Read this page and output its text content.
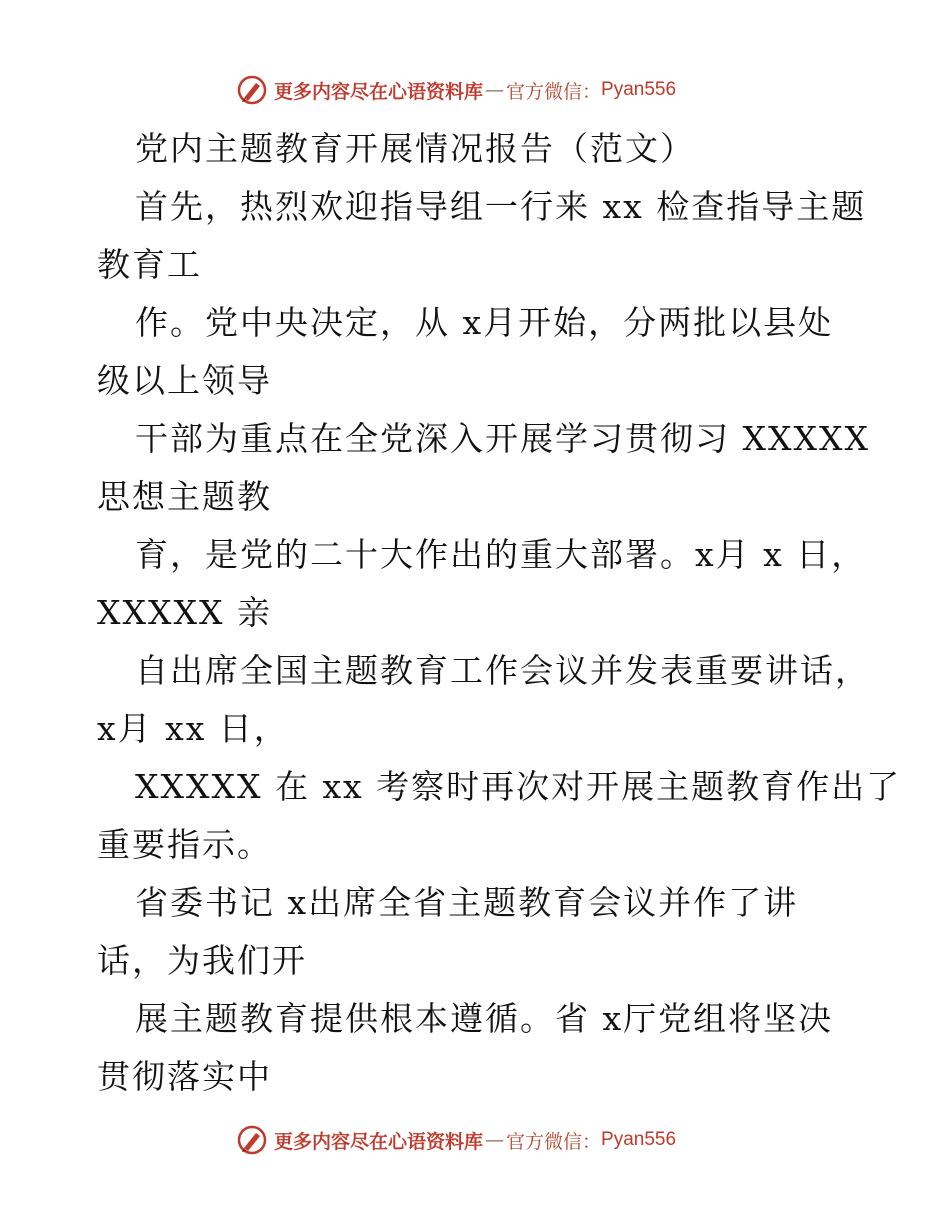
更多内容尽在心语资料库 — 官方微信： Pyan556
党内主题教育开展情况报告（范文）
首先，热烈欢迎指导组一行来 xx 检查指导主题
教育工
作。党中央决定，从 x月开始，分两批以县处
级以上领导
干部为重点在全党深入开展学习贯彻习 XXXXX
思想主题教
育，是党的二十大作出的重大部署。x月 x 日，
XXXXX 亲
自出席全国主题教育工作会议并发表重要讲话，
x月 xx 日，
XXXXX 在 xx 考察时再次对开展主题教育作出了
重要指示。
省委书记 x出席全省主题教育会议并作了讲
话，为我们开
展主题教育提供根本遵循。省 x厅党组将坚决
贯彻落实中
更多内容尽在心语资料库 — 官方微信： Pyan556
